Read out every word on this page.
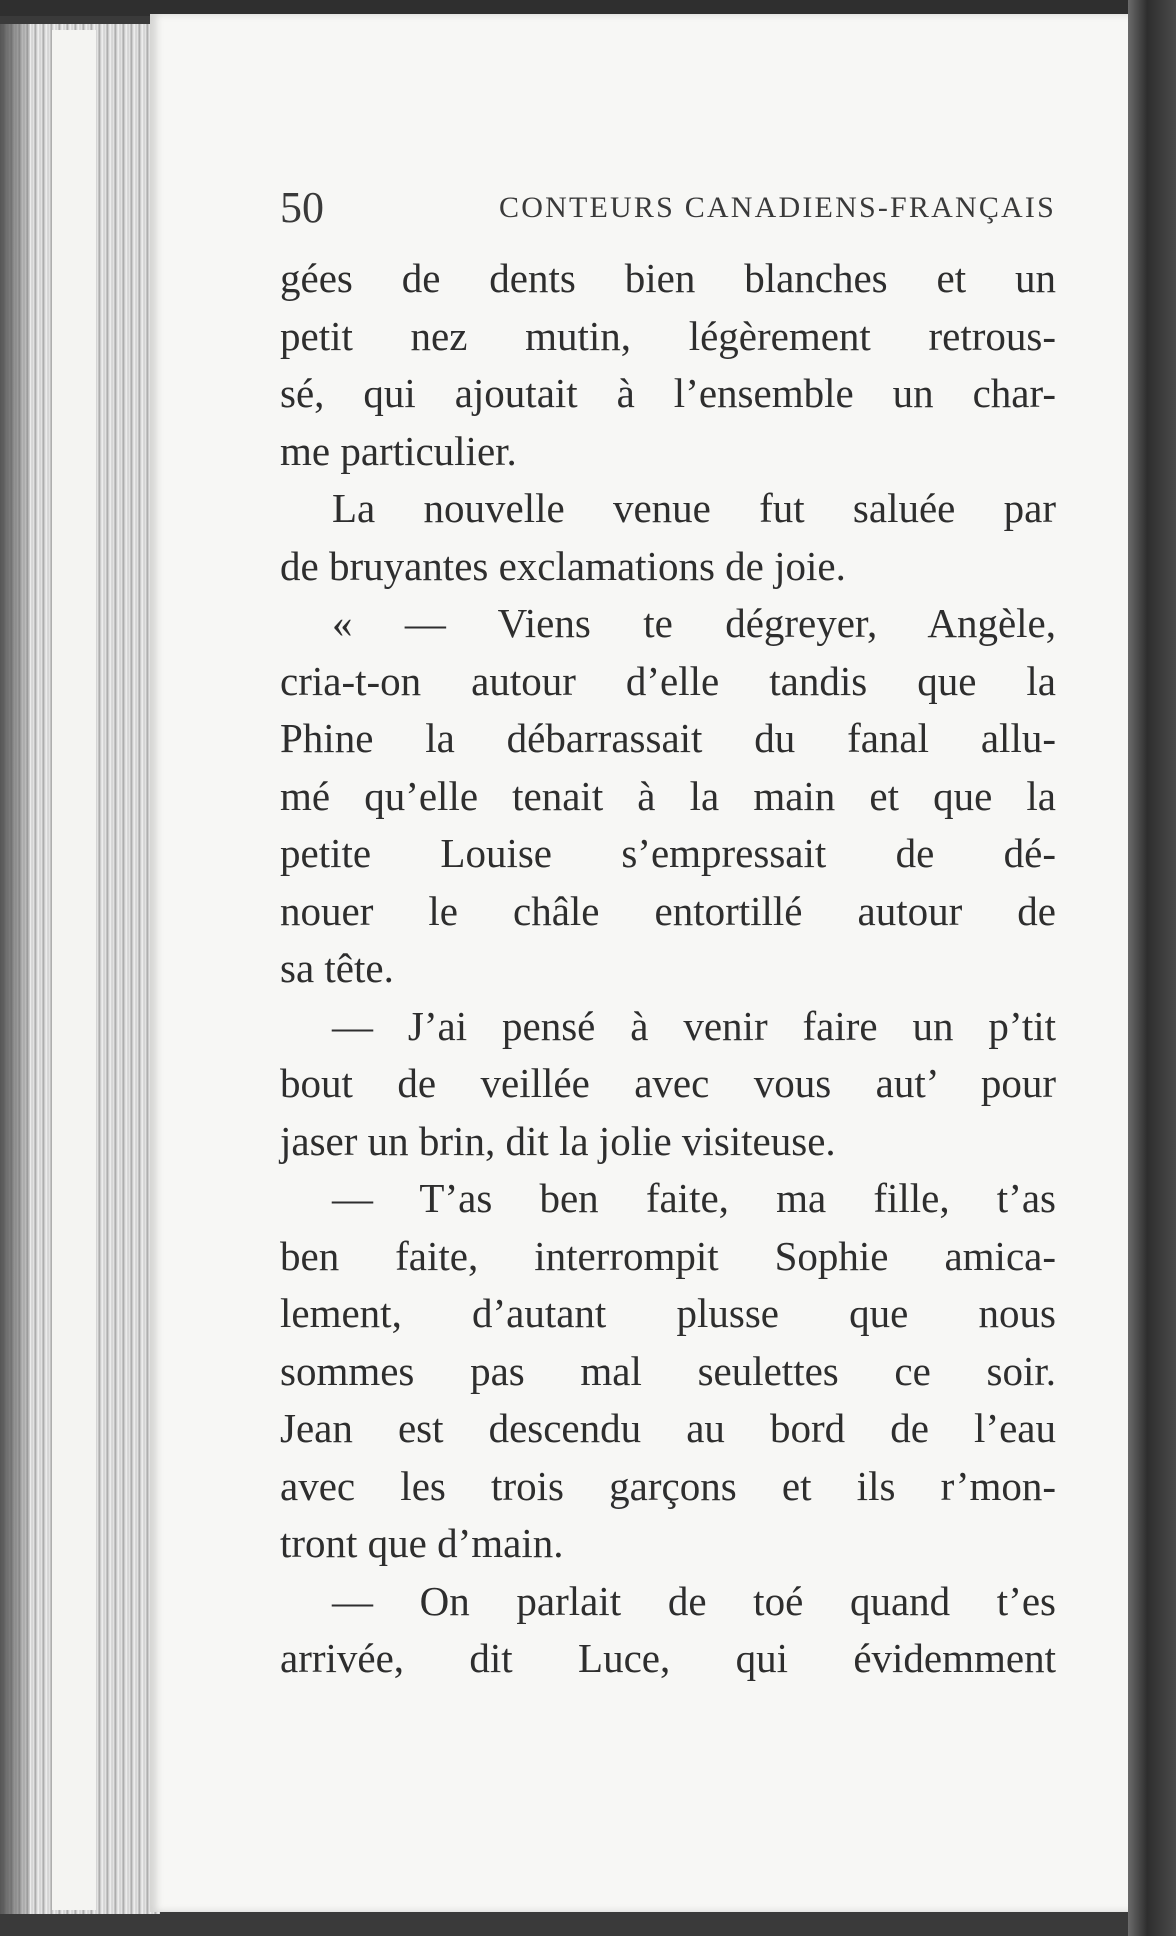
50	CONTEURS CANADIENS-FRANÇAIS
gées de dents bien blanches et un
petit nez mutin, légèrement retrous-
sé, qui ajoutait à l’ensemble un char-
me particulier.
La nouvelle venue fut saluée par
de bruyantes exclamations de joie.
« — Viens te dégreyer, Angèle,
cria-t-on autour d’elle tandis que la
Phine la débarrassait du fanal allu-
mé qu’elle tenait à la main et que la
petite Louise s’empressait de dé-
nouer le châle entortillé autour de
sa tête.
— J’ai pensé à venir faire un p’tit
bout de veillée avec vous aut’ pour
jaser un brin, dit la jolie visiteuse.
— T’as ben faite, ma fille, t’as
ben faite, interrompit Sophie amica-
lement, d’autant plusse que nous
sommes pas mal seulettes ce soir.
Jean est descendu au bord de l’eau
avec les trois garçons et ils r’mon-
tront que d’main.
— On parlait de toé quand t’es
arrivée, dit Luce, qui évidemment
